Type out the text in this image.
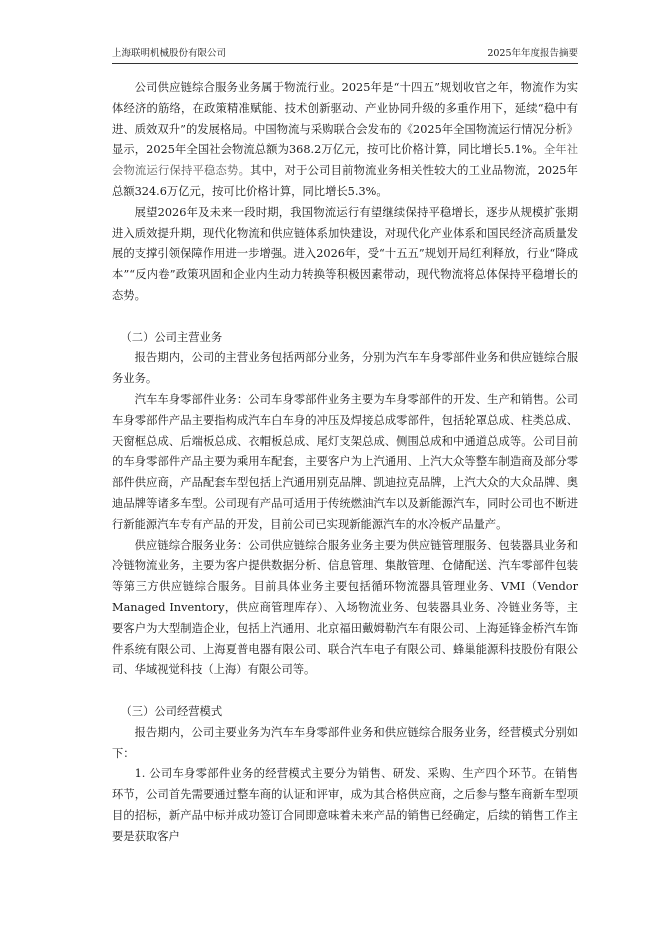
上海联明机械股份有限公司	2025年年度报告摘要

公司供应链综合服务业务属于物流行业。2025年是“十四五”规划收官之年，物流作为实体经济的筋络，在政策精准赋能、技术创新驱动、产业协同升级的多重作用下，延续“稳中有进、质效双升”的发展格局。中国物流与采购联合会发布的《2025年全国物流运行情况分析》显示，2025年全国社会物流总额为368.2万亿元，按可比价格计算，同比增长5.1%。全年社会物流运行保持平稳态势。其中，对于公司目前物流业务相关性较大的工业品物流，2025年总额324.6万亿元，按可比价格计算，同比增长5.3%。

展望2026年及未来一段时期，我国物流运行有望继续保持平稳增长，逐步从规模扩张期进入质效提升期，现代化物流和供应链体系加快建设，对现代化产业体系和国民经济高质量发展的支撑引领保障作用进一步增强。进入2026年，受“十五五”规划开局红利释放，行业“降成本”“反内卷”政策巩固和企业内生动力转换等积极因素带动，现代物流将总体保持平稳增长的态势。

（二）公司主营业务

报告期内，公司的主营业务包括两部分业务，分别为汽车车身零部件业务和供应链综合服务业务。

汽车车身零部件业务：公司车身零部件业务主要为车身零部件的开发、生产和销售。公司车身零部件产品主要指构成汽车白车身的冲压及焊接总成零部件，包括轮罩总成、柱类总成、天窗框总成、后端板总成、衣帽板总成、尾灯支架总成、侧围总成和中通道总成等。公司目前的车身零部件产品主要为乘用车配套，主要客户为上汽通用、上汽大众等整车制造商及部分零部件供应商，产品配套车型包括上汽通用别克品牌、凯迪拉克品牌，上汽大众的大众品牌、奥迪品牌等诸多车型。公司现有产品可适用于传统燃油汽车以及新能源汽车，同时公司也不断进行新能源汽车专有产品的开发，目前公司已实现新能源汽车的水冷板产品量产。

供应链综合服务业务：公司供应链综合服务业务主要为供应链管理服务、包装器具业务和冷链物流业务，主要为客户提供数据分析、信息管理、集散管理、仓储配送、汽车零部件包装等第三方供应链综合服务。目前具体业务主要包括循环物流器具管理业务、VMI（Vendor Managed Inventory，供应商管理库存）、入场物流业务、包装器具业务、冷链业务等，主要客户为大型制造企业，包括上汽通用、北京福田戴姆勒汽车有限公司、上海延锋金桥汽车饰件系统有限公司、上海夏普电器有限公司、联合汽车电子有限公司、蜂巢能源科技股份有限公司、华域视觉科技（上海）有限公司等。

（三）公司经营模式

报告期内，公司主要业务为汽车车身零部件业务和供应链综合服务业务，经营模式分别如下：

1. 公司车身零部件业务的经营模式主要分为销售、研发、采购、生产四个环节。在销售环节，公司首先需要通过整车商的认证和评审，成为其合格供应商，之后参与整车商新车型项目的招标，新产品中标并成功签订合同即意味着未来产品的销售已经确定，后续的销售工作主要是获取客户
